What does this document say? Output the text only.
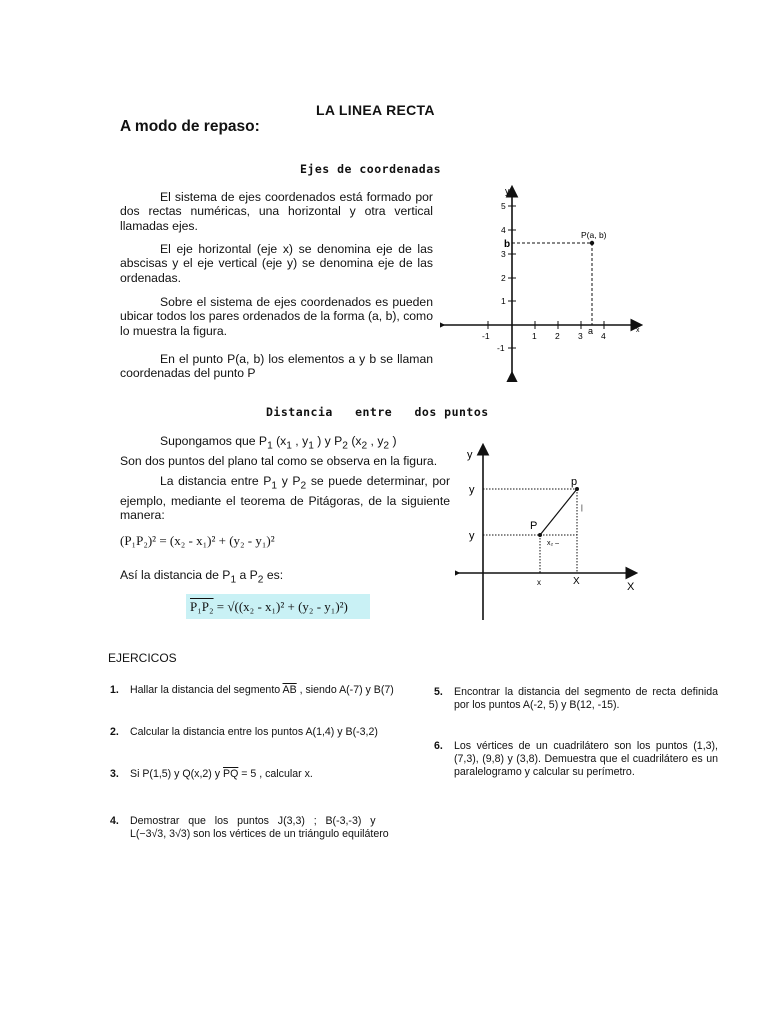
LA LINEA RECTA
A modo de repaso:
Ejes de coordenadas
El sistema de ejes coordenados está formado por dos rectas numéricas, una horizontal y otra vertical llamadas ejes.
El eje horizontal (eje x) se denomina eje de las abscisas y el eje vertical (eje y) se denomina eje de las ordenadas.
Sobre el sistema de ejes coordenados es pueden ubicar todos los pares ordenados de la forma (a, b), como lo muestra la figura.
En el punto P(a, b) los elementos a y b se llaman coordenadas del punto P
y
x
5
4
3
2
1
-1
-1	1 2 3 4
b
a
P(a, b)
Distancia   entre   dos puntos
Supongamos que $P_1$ ($x_1$ , $y_1$ ) y $P_2$ ($x_2$ , $y_2$ )
Son dos puntos del plano tal como se observa en la figura.
La distancia entre $P_1$ y $P_2$ se puede determinar, por ejemplo, mediante el teorema de Pitágoras, de la siguiente manera:
(P₁P₂)² = (x₂ - x₁)² + (y₂ - y₁)²
Así la distancia de $P_1$ a $P_2$ es:
P₁P₂ = √((x₂ - x₁)² + (y₂ - y₁)²)
y
X
y
y
x	X
p
P
x₂ –
|
EJERCICOS
1. Hallar la distancia del segmento $\overline{AB}$ , siendo A(-7) y B(7)
2. Calcular la distancia entre los puntos A(1,4) y B(-3,2)
3. Si P(1,5) y Q(x,2) y $\overline{PQ} = 5$ , calcular x.
4. Demostrar   que   los   puntos   J(3,3)   ;   B(-3,-3)   y
L(−3√3, 3√3) son los vértices de un triángulo equilátero
5.	Encontrar la distancia del segmento de recta definida por los puntos A(-2, 5) y B(12, -15).
6.	Los vértices de un cuadrilátero son los puntos (1,3), (7,3), (9,8) y (3,8). Demuestra que el cuadrilátero es un paralelogramo y calcular su perímetro.
